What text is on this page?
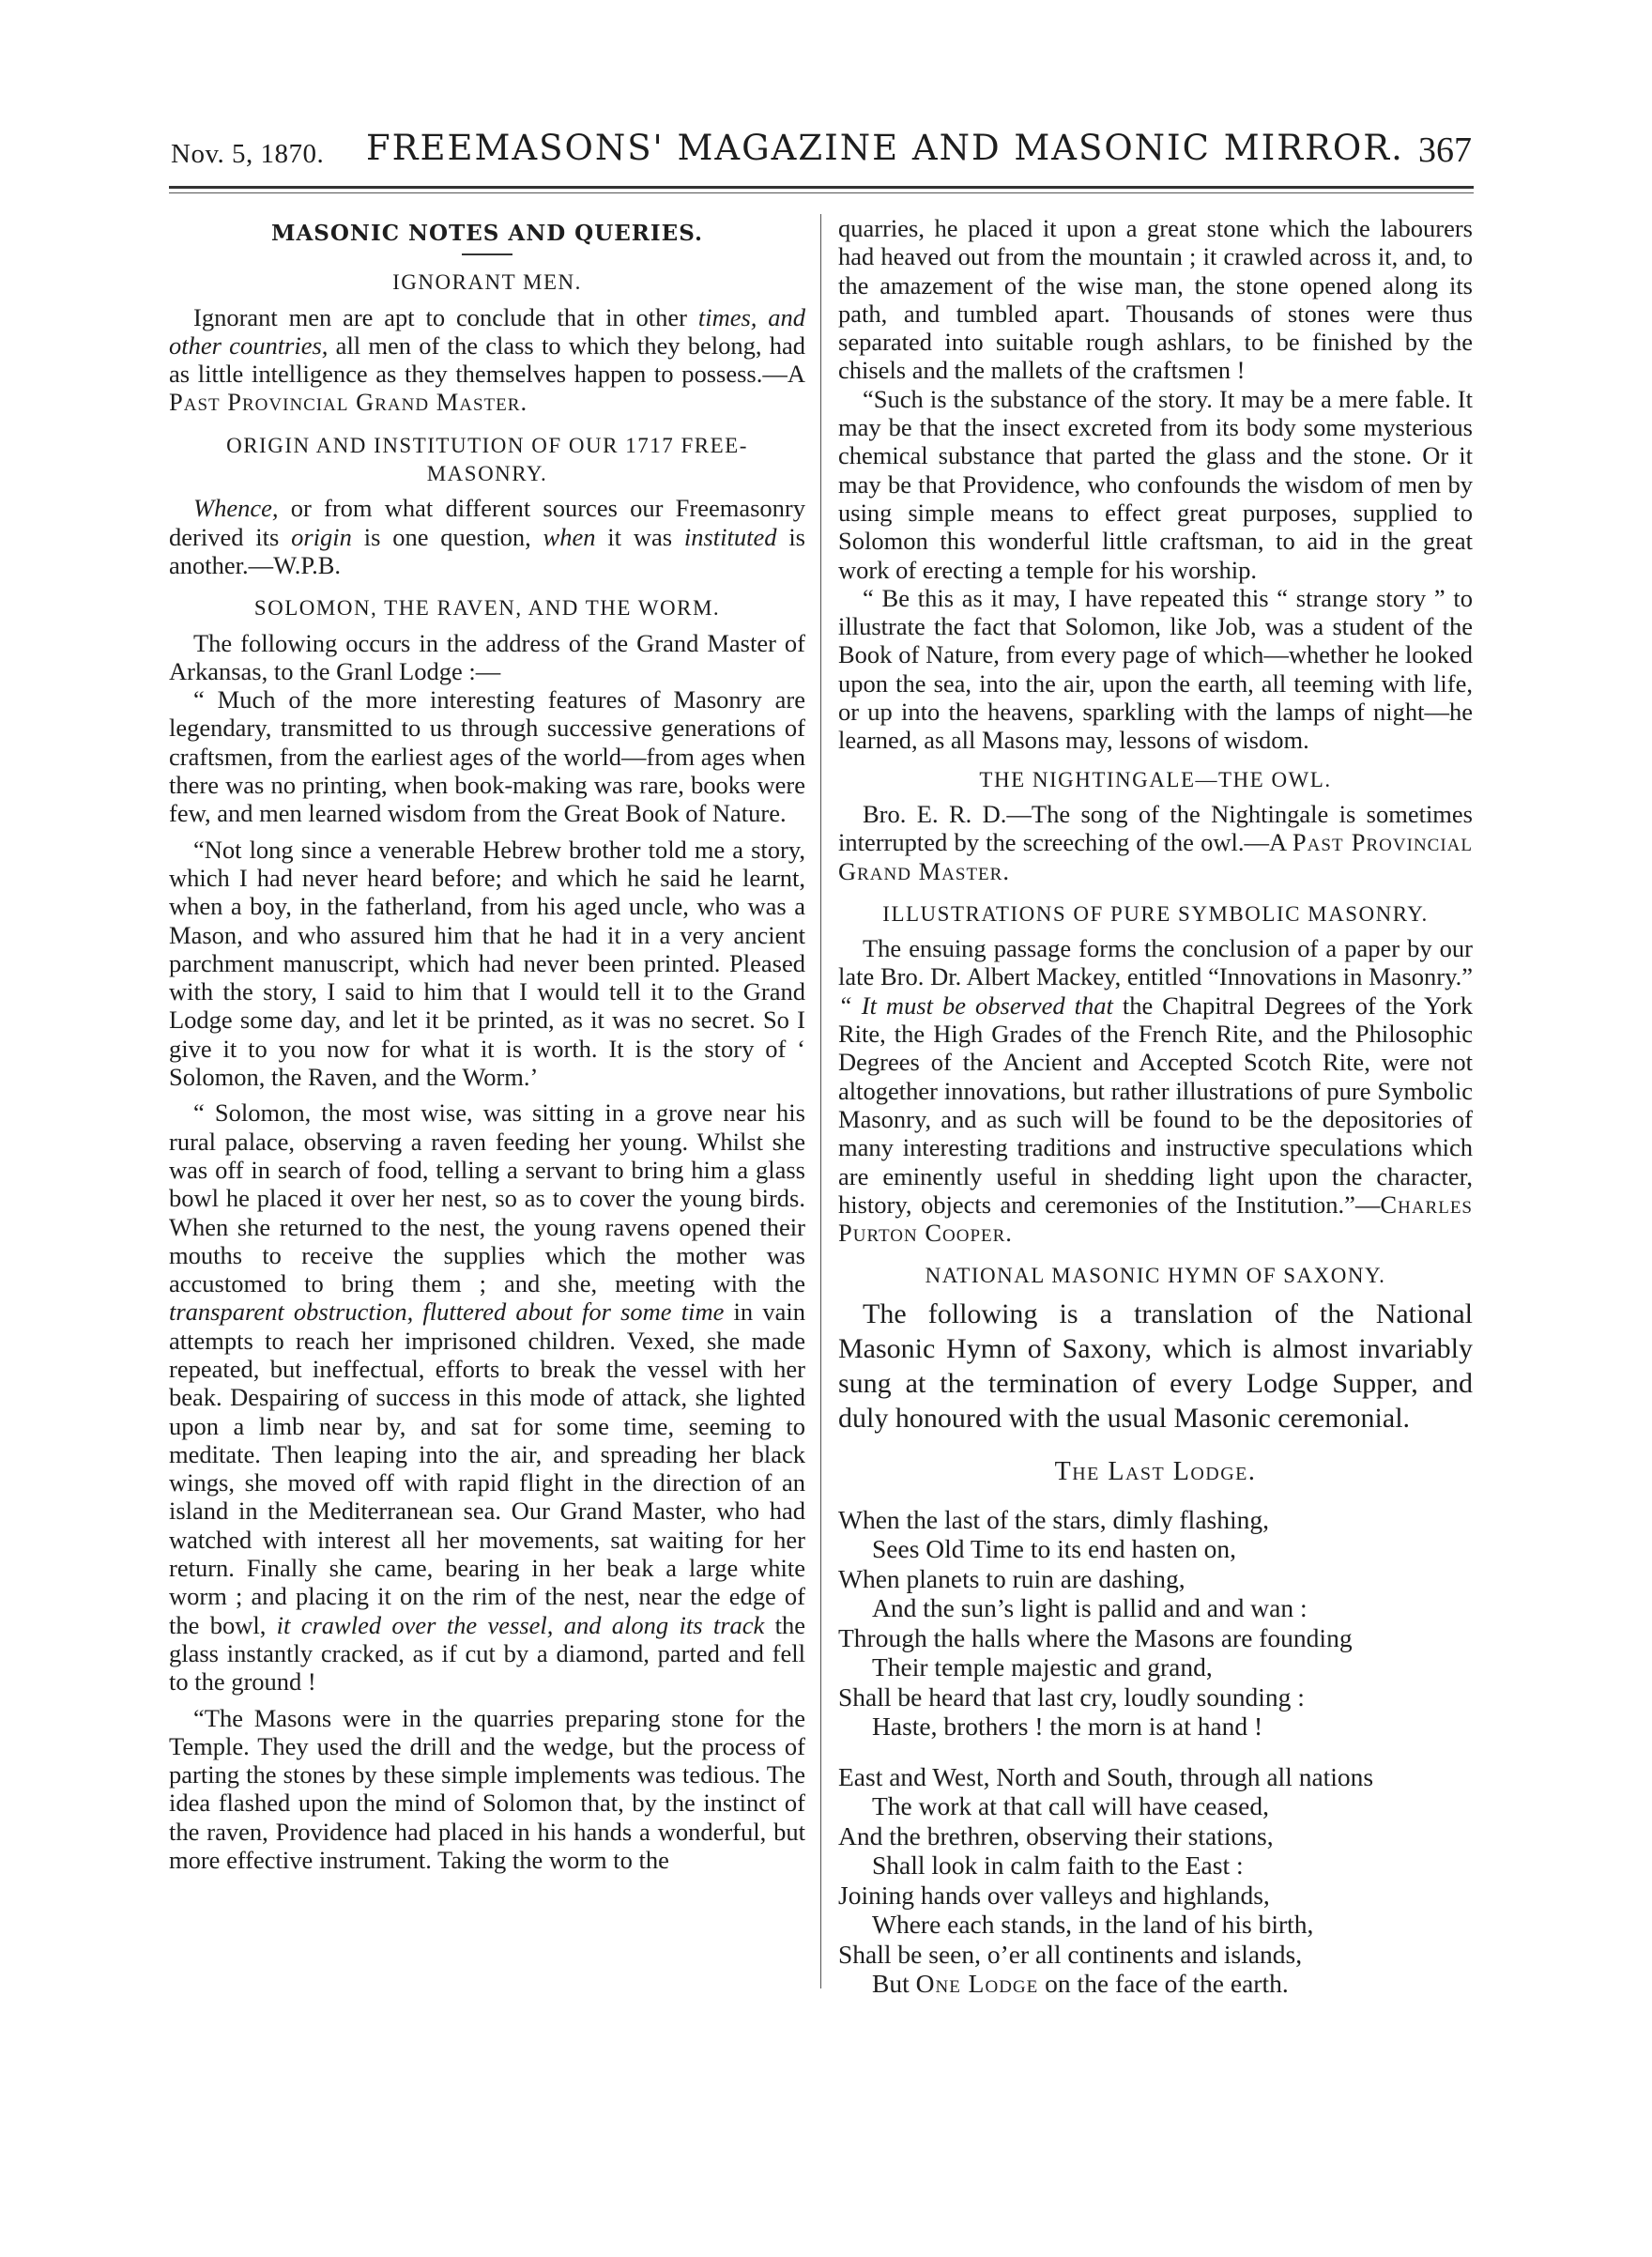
Nov. 5, 1870. FREEMASONS' MAGAZINE AND MASONIC MIRROR. 367
MASONIC NOTES AND QUERIES.
IGNORANT MEN.

Ignorant men are apt to conclude that in other times, and other countries, all men of the class to which they belong, had as little intelligence as they themselves happen to possess.—A Past Provincial Grand Master.

ORIGIN AND INSTITUTION OF OUR 1717 FREE-MASONRY.

Whence, or from what different sources our Freemasonry derived its origin is one question, when it was instituted is another.—W.P.B.

SOLOMON, THE RAVEN, AND THE WORM.

The following occurs in the address of the Grand Master of Arkansas, to the Granl Lodge :—

“ Much of the more interesting features of Masonry are legendary, transmitted to us through successive generations of craftsmen, from the earliest ages of the world—from ages when there was no printing, when book-making was rare, books were few, and men learned wisdom from the Great Book of Nature.

“Not long since a venerable Hebrew brother told me a story, which I had never heard before; and which he said he learnt, when a boy, in the fatherland, from his aged uncle, who was a Mason, and who assured him that he had it in a very ancient parchment manuscript, which had never been printed. Pleased with the story, I said to him that I would tell it to the Grand Lodge some day, and let it be printed, as it was no secret. So I give it to you now for what it is worth. It is the story of ‘ Solomon, the Raven, and the Worm.’

“ Solomon, the most wise, was sitting in a grove near his rural palace, observing a raven feeding her young. Whilst she was off in search of food, telling a servant to bring him a glass bowl he placed it over her nest, so as to cover the young birds. When she returned to the nest, the young ravens opened their mouths to receive the supplies which the mother was accustomed to bring them ; and she, meeting with the transparent obstruction, fluttered about for some time in vain attempts to reach her imprisoned children. Vexed, she made repeated, but ineffectual, efforts to break the vessel with her beak. Despairing of success in this mode of attack, she lighted upon a limb near by, and sat for some time, seeming to meditate. Then leaping into the air, and spreading her black wings, she moved off with rapid flight in the direction of an island in the Mediterranean sea. Our Grand Master, who had watched with interest all her movements, sat waiting for her return. Finally she came, bearing in her beak a large white worm ; and placing it on the rim of the nest, near the edge of the bowl, it crawled over the vessel, and along its track the glass instantly cracked, as if cut by a diamond, parted and fell to the ground !

“The Masons were in the quarries preparing stone for the Temple. They used the drill and the wedge, but the process of parting the stones by these simple implements was tedious. The idea flashed upon the mind of Solomon that, by the instinct of the raven, Providence had placed in his hands a wonderful, but more effective instrument. Taking the worm to the

quarries, he placed it upon a great stone which the labourers had heaved out from the mountain ; it crawled across it, and, to the amazement of the wise man, the stone opened along its path, and tumbled apart. Thousands of stones were thus separated into suitable rough ashlars, to be finished by the chisels and the mallets of the craftsmen !

“Such is the substance of the story. It may be a mere fable. It may be that the insect excreted from its body some mysterious chemical substance that parted the glass and the stone. Or it may be that Providence, who confounds the wisdom of men by using simple means to effect great purposes, supplied to Solomon this wonderful little craftsman, to aid in the great work of erecting a temple for his worship.

“ Be this as it may, I have repeated this “ strange story ” to illustrate the fact that Solomon, like Job, was a student of the Book of Nature, from every page of which—whether he looked upon the sea, into the air, upon the earth, all teeming with life, or up into the heavens, sparkling with the lamps of night—he learned, as all Masons may, lessons of wisdom.

THE NIGHTINGALE—THE OWL.

Bro. E. R. D.—The song of the Nightingale is sometimes interrupted by the screeching of the owl.—A Past Provincial Grand Master.

ILLUSTRATIONS OF PURE SYMBOLIC MASONRY.

The ensuing passage forms the conclusion of a paper by our late Bro. Dr. Albert Mackey, entitled “Innovations in Masonry.” “ It must be observed that the Chapitral Degrees of the York Rite, the High Grades of the French Rite, and the Philosophic Degrees of the Ancient and Accepted Scotch Rite, were not altogether innovations, but rather illustrations of pure Symbolic Masonry, and as such will be found to be the depositories of many interesting traditions and instructive speculations which are eminently useful in shedding light upon the character, history, objects and ceremonies of the Institution.”—Charles Purton Cooper.

NATIONAL MASONIC HYMN OF SAXONY.

The following is a translation of the National Masonic Hymn of Saxony, which is almost invariably sung at the termination of every Lodge Supper, and duly honoured with the usual Masonic ceremonial.

The Last Lodge.
When the last of the stars, dimly flashing,
Sees Old Time to its end hasten on,
When planets to ruin are dashing,
And the sun’s light is pallid and and wan :
Through the halls where the Masons are founding
Their temple majestic and grand,
Shall be heard that last cry, loudly sounding :
Haste, brothers ! the morn is at hand !
East and West, North and South, through all nations
The work at that call will have ceased,
And the brethren, observing their stations,
Shall look in calm faith to the East :
Joining hands over valleys and highlands,
Where each stands, in the land of his birth,
Shall be seen, o’er all continents and islands,
But One Lodge on the face of the earth.
